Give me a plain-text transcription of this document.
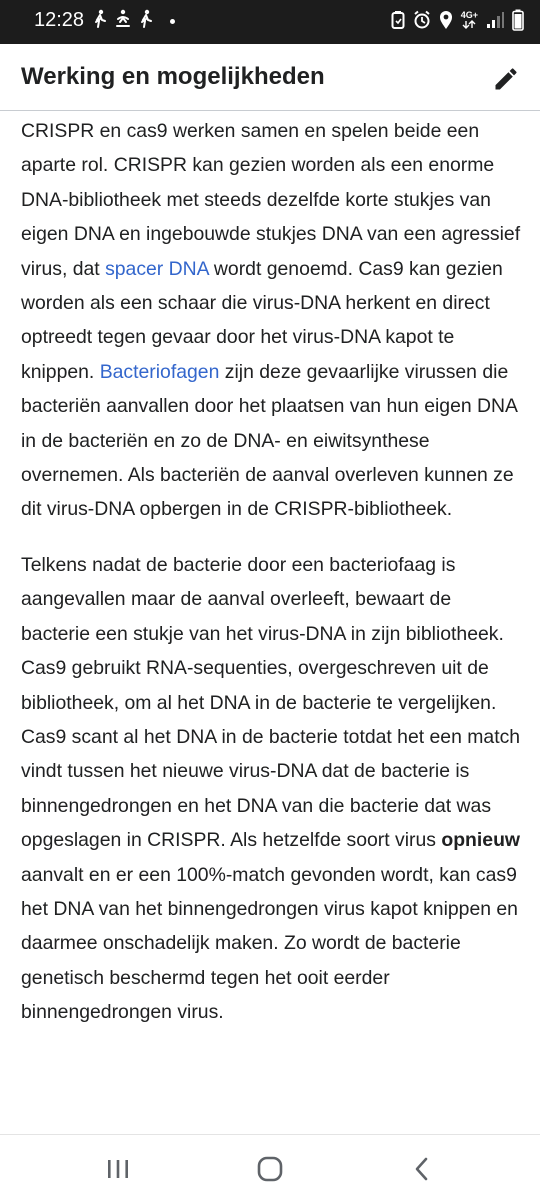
12:28	4G+
Werking en mogelijkheden

CRISPR en cas9 werken samen en spelen beide een aparte rol. CRISPR kan gezien worden als een enorme DNA-bibliotheek met steeds dezelfde korte stukjes van eigen DNA en ingebouwde stukjes DNA van een agressief virus, dat spacer DNA wordt genoemd. Cas9 kan gezien worden als een schaar die virus-DNA herkent en direct optreedt tegen gevaar door het virus-DNA kapot te knippen. Bacteriofagen zijn deze gevaarlijke virussen die bacteriën aanvallen door het plaatsen van hun eigen DNA in de bacteriën en zo de DNA- en eiwitsynthese overnemen. Als bacteriën de aanval overleven kunnen ze dit virus-DNA opbergen in de CRISPR-bibliotheek.

Telkens nadat de bacterie door een bacteriofaag is aangevallen maar de aanval overleeft, bewaart de bacterie een stukje van het virus-DNA in zijn bibliotheek. Cas9 gebruikt RNA-sequenties, overgeschreven uit de bibliotheek, om al het DNA in de bacterie te vergelijken. Cas9 scant al het DNA in de bacterie totdat het een match vindt tussen het nieuwe virus-DNA dat de bacterie is binnengedrongen en het DNA van die bacterie dat was opgeslagen in CRISPR. Als hetzelfde soort virus opnieuw aanvalt en er een 100%-match gevonden wordt, kan cas9 het DNA van het binnengedrongen virus kapot knippen en daarmee onschadelijk maken. Zo wordt de bacterie genetisch beschermd tegen het ooit eerder binnengedrongen virus.
